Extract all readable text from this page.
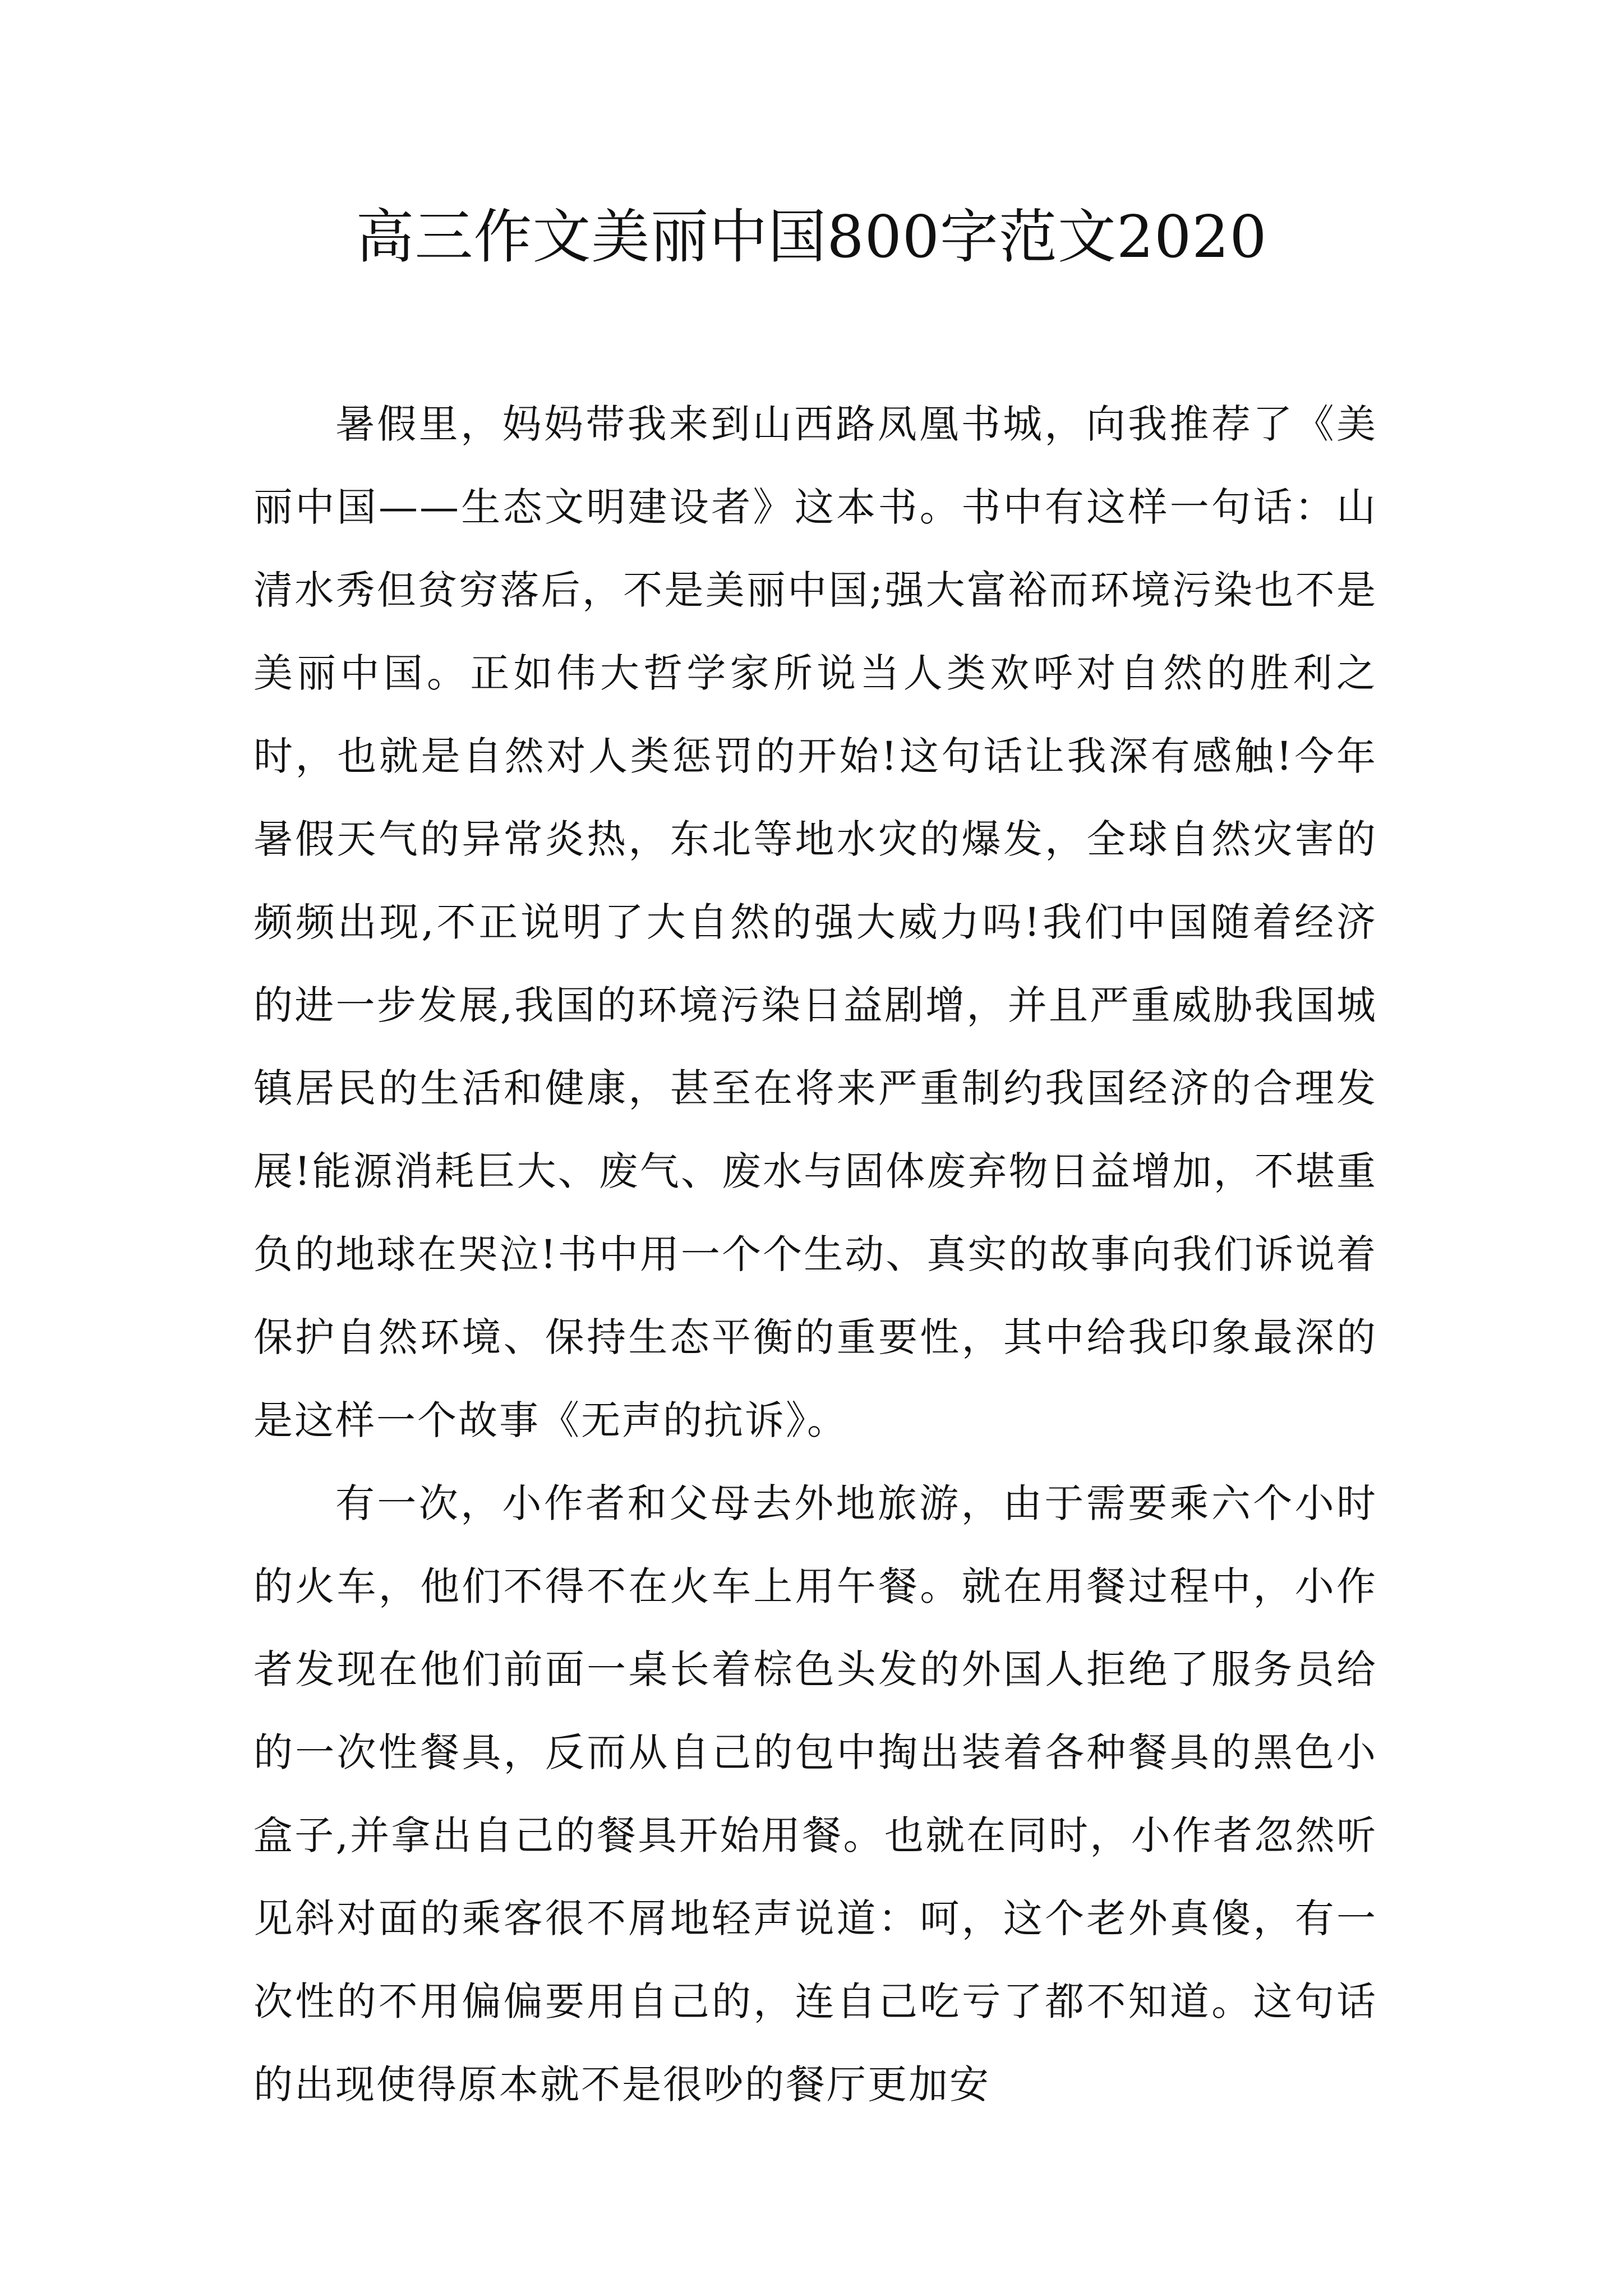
高三作文美丽中国800字范文2020

暑假里，妈妈带我来到山西路凤凰书城，向我推荐了《美丽中国——生态文明建设者》这本书。书中有这样一句话：山清水秀但贫穷落后，不是美丽中国;强大富裕而环境污染也不是美丽中国。正如伟大哲学家所说当人类欢呼对自然的胜利之时，也就是自然对人类惩罚的开始!这句话让我深有感触!今年暑假天气的异常炎热，东北等地水灾的爆发，全球自然灾害的频频出现,不正说明了大自然的强大威力吗!我们中国随着经济的进一步发展,我国的环境污染日益剧增，并且严重威胁我国城镇居民的生活和健康，甚至在将来严重制约我国经济的合理发展!能源消耗巨大、废气、废水与固体废弃物日益增加，不堪重负的地球在哭泣!书中用一个个生动、真实的故事向我们诉说着保护自然环境、保持生态平衡的重要性，其中给我印象最深的是这样一个故事《无声的抗诉》。

有一次，小作者和父母去外地旅游，由于需要乘六个小时的火车，他们不得不在火车上用午餐。就在用餐过程中，小作者发现在他们前面一桌长着棕色头发的外国人拒绝了服务员给的一次性餐具，反而从自己的包中掏出装着各种餐具的黑色小盒子,并拿出自己的餐具开始用餐。也就在同时，小作者忽然听见斜对面的乘客很不屑地轻声说道：呵，这个老外真傻，有一次性的不用偏偏要用自己的，连自己吃亏了都不知道。这句话的出现使得原本就不是很吵的餐厅更加安
